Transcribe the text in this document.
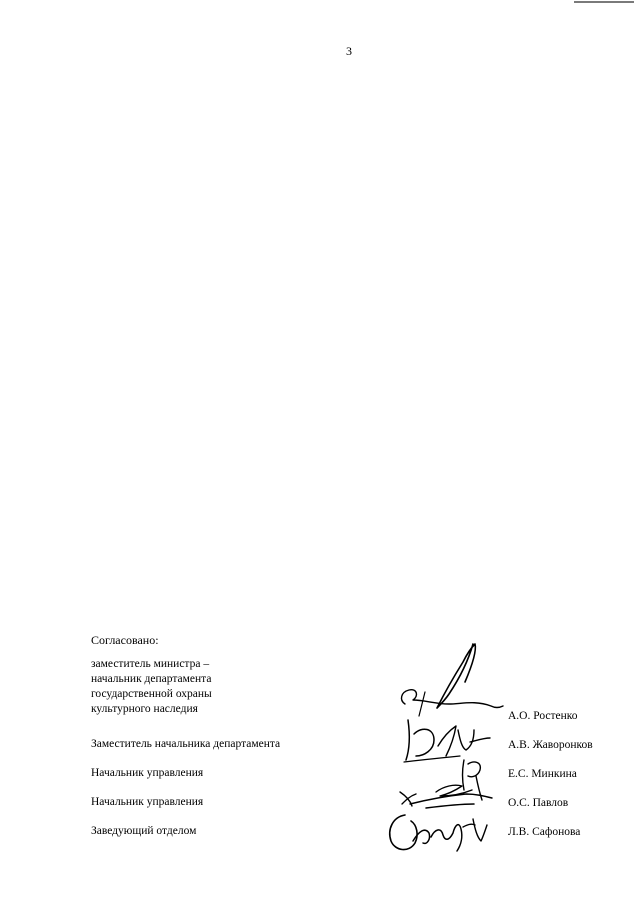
3
Согласовано:
заместитель министра –
начальник департамента
государственной охраны
культурного наследия
А.О. Ростенко
Заместитель начальника департамента	А.В. Жаворонков
Начальник управления	Е.С. Минкина
Начальник управления	О.С. Павлов
Заведующий отделом	Л.В. Сафонова
